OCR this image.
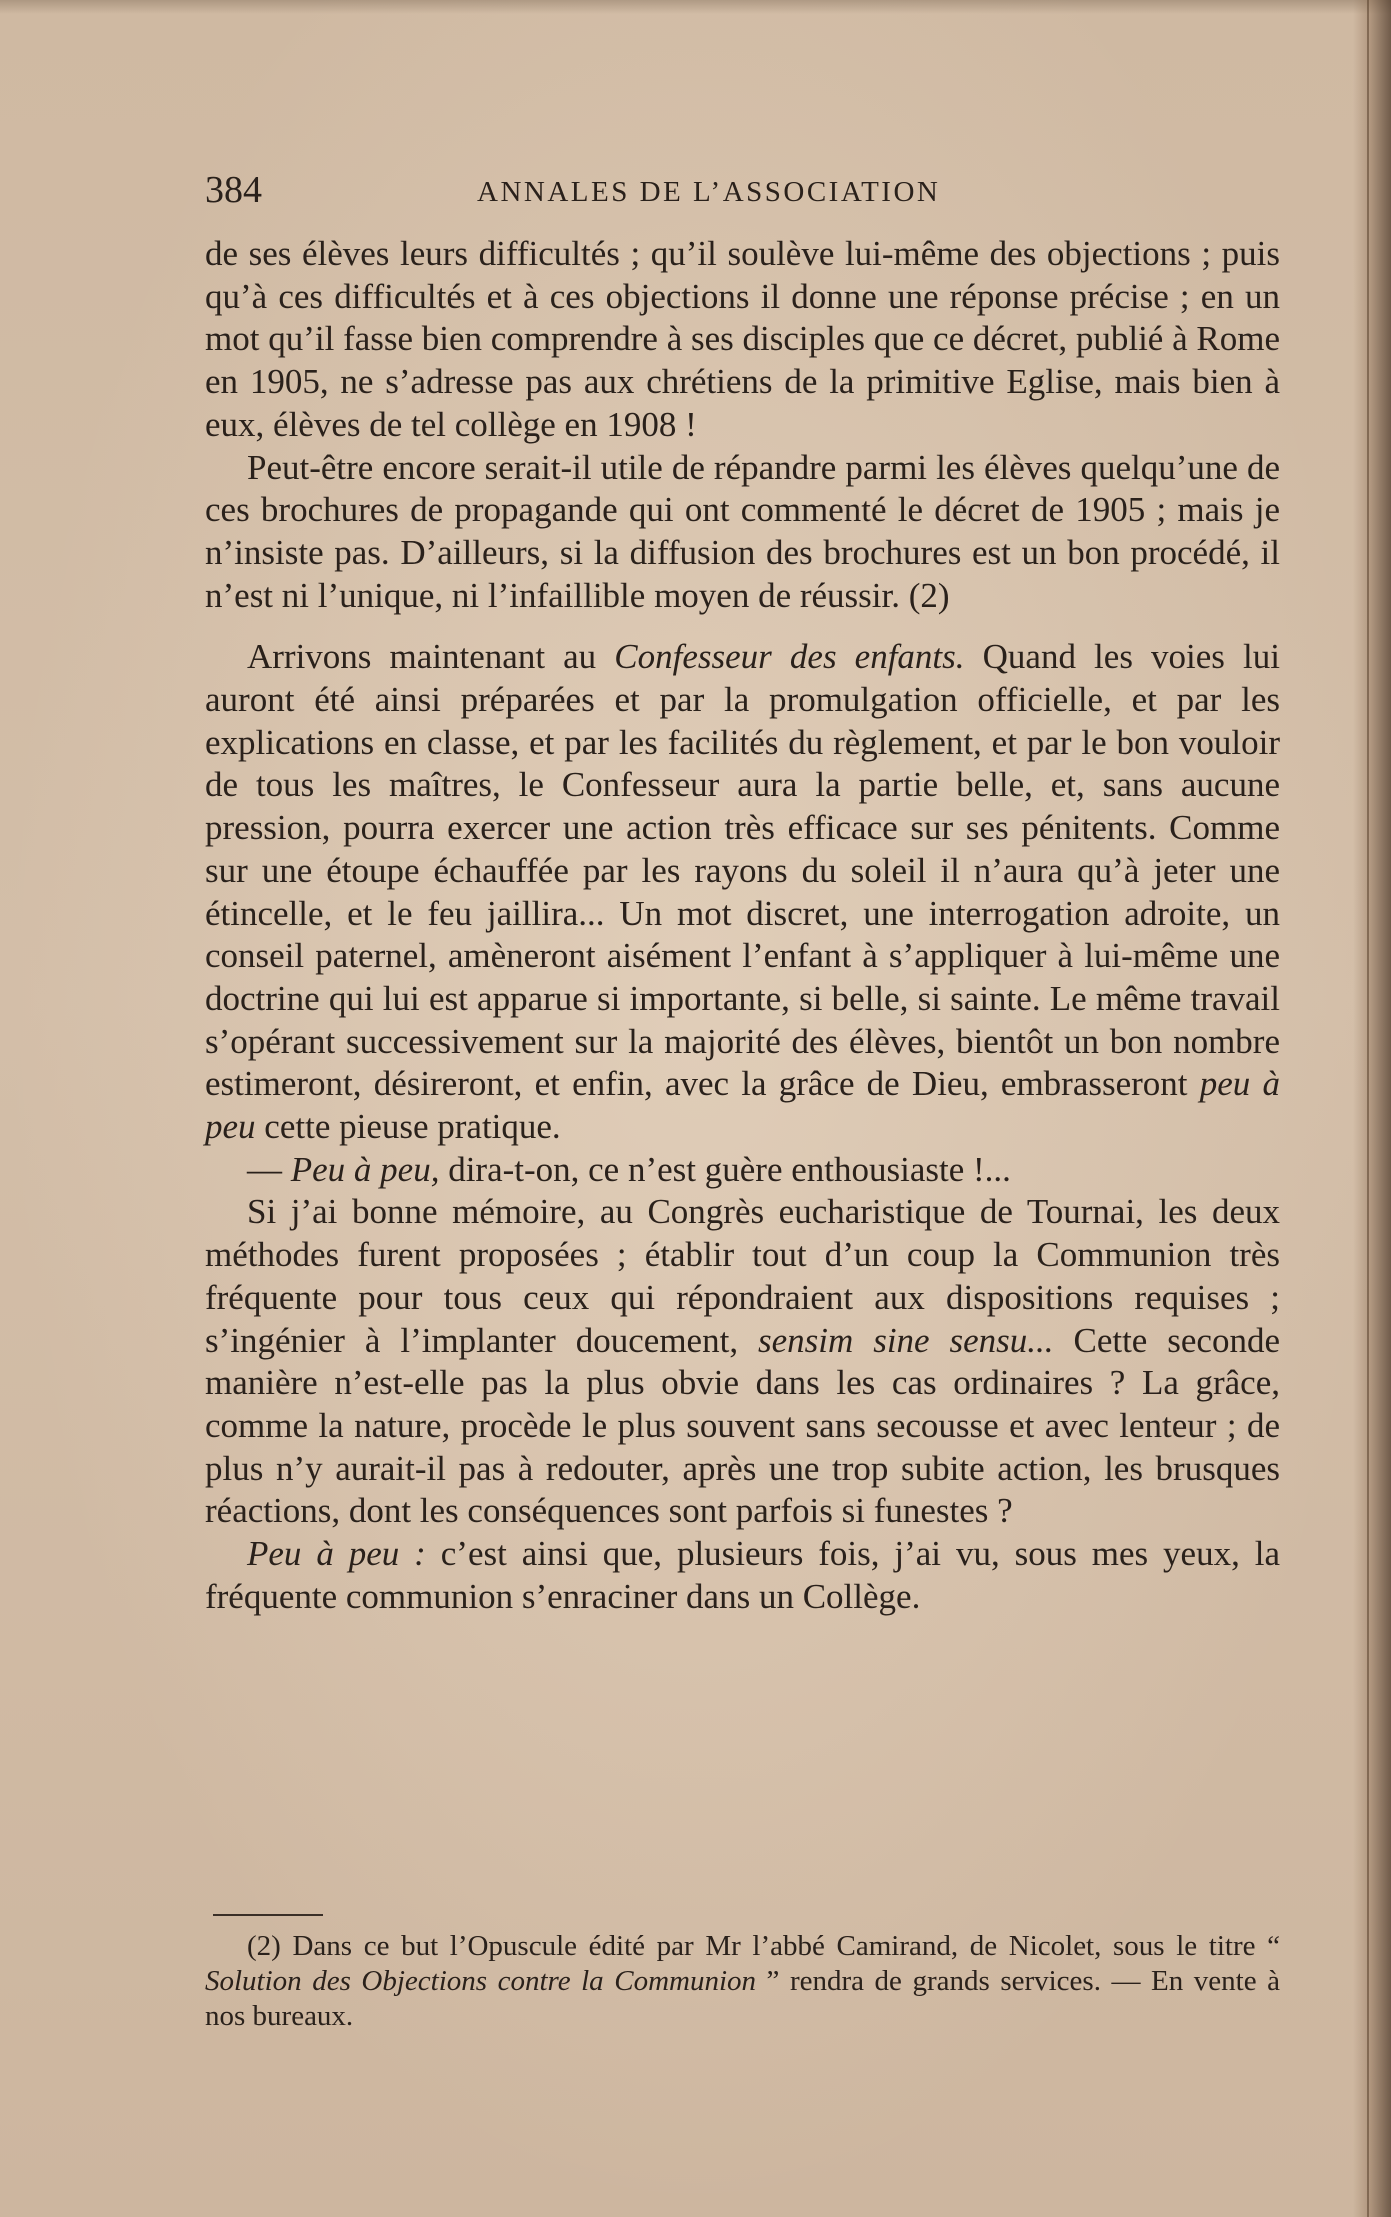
384	ANNALES DE L’ASSOCIATION

de ses élèves leurs difficultés ; qu’il soulève lui-même des objections ; puis qu’à ces difficultés et à ces objections il donne une réponse précise ; en un mot qu’il fasse bien comprendre à ses disciples que ce décret, publié à Rome en 1905, ne s’adresse pas aux chrétiens de la primitive Eglise, mais bien à eux, élèves de tel collège en 1908 !

Peut-être encore serait-il utile de répandre parmi les élèves quelqu’une de ces brochures de propagande qui ont commenté le décret de 1905 ; mais je n’insiste pas. D’ailleurs, si la diffusion des brochures est un bon procédé, il n’est ni l’unique, ni l’infaillible moyen de réussir. (2)

Arrivons maintenant au Confesseur des enfants. Quand les voies lui auront été ainsi préparées et par la promulgation officielle, et par les explications en classe, et par les facilités du règlement, et par le bon vouloir de tous les maîtres, le Confesseur aura la partie belle, et, sans aucune pression, pourra exercer une action très efficace sur ses pénitents. Comme sur une étoupe échauffée par les rayons du soleil il n’aura qu’à jeter une étincelle, et le feu jaillira... Un mot discret, une interrogation adroite, un conseil paternel, amèneront aisément l’enfant à s’appliquer à lui-même une doctrine qui lui est apparue si importante, si belle, si sainte. Le même travail s’opérant successivement sur la majorité des élèves, bientôt un bon nombre estimeront, désireront, et enfin, avec la grâce de Dieu, embrasseront peu à peu cette pieuse pratique.

— Peu à peu, dira-t-on, ce n’est guère enthousiaste !...

Si j’ai bonne mémoire, au Congrès eucharistique de Tournai, les deux méthodes furent proposées ; établir tout d’un coup la Communion très fréquente pour tous ceux qui répondraient aux dispositions requises ; s’ingénier à l’implanter doucement, sensim sine sensu... Cette seconde manière n’est-elle pas la plus obvie dans les cas ordinaires ? La grâce, comme la nature, procède le plus souvent sans secousse et avec lenteur ; de plus n’y aurait-il pas à redouter, après une trop subite action, les brusques réactions, dont les conséquences sont parfois si funestes ?

Peu à peu : c’est ainsi que, plusieurs fois, j’ai vu, sous mes yeux, la fréquente communion s’enraciner dans un Collège.

(2) Dans ce but l’Opuscule édité par Mr l’abbé Camirand, de Nicolet, sous le titre “ Solution des Objections contre la Communion ” rendra de grands services. — En vente à nos bureaux.
